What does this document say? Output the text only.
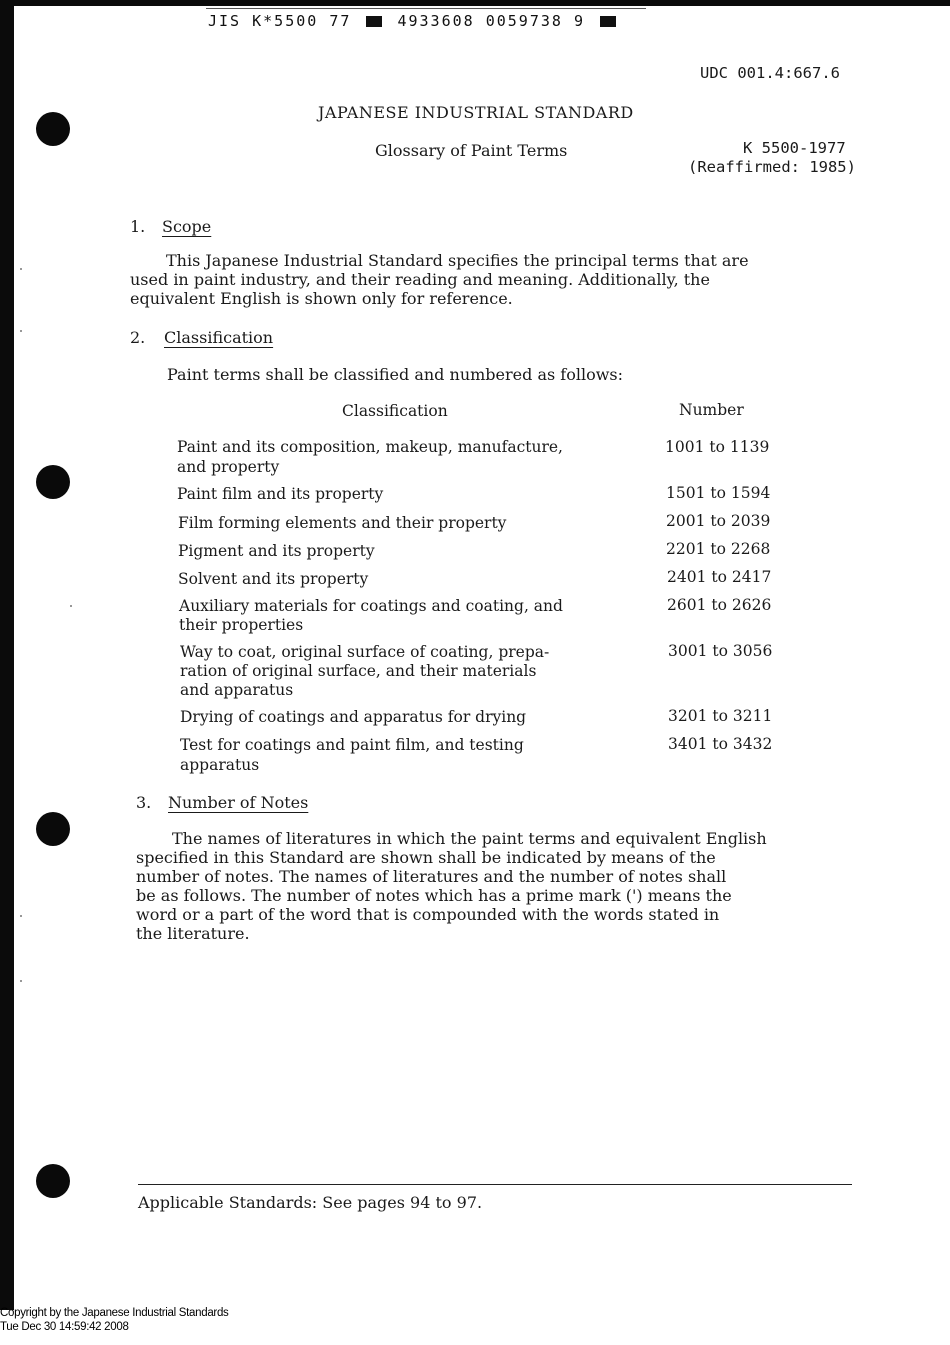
JIS K*5500 77	4933608 0059738 9
UDC 001.4:667.6
JAPANESE INDUSTRIAL STANDARD
Glossary of Paint Terms	K 5500-1977
(Reaffirmed: 1985)
1. Scope
This Japanese Industrial Standard specifies the principal terms that are
used in paint industry, and their reading and meaning. Additionally, the
equivalent English is shown only for reference.
2. Classification
Paint terms shall be classified and numbered as follows:
Classification	Number
Paint and its composition, makeup, manufacture,
and property
1001 to 1139
Paint film and its property	1501 to 1594
Film forming elements and their property	2001 to 2039
Pigment and its property	2201 to 2268
Solvent and its property	2401 to 2417
Auxiliary materials for coatings and coating, and
their properties
2601 to 2626
Way to coat, original surface of coating, prepa-
ration of original surface, and their materials
and apparatus
3001 to 3056
Drying of coatings and apparatus for drying	3201 to 3211
Test for coatings and paint film, and testing
apparatus
3401 to 3432
3. Number of Notes
The names of literatures in which the paint terms and equivalent English
specified in this Standard are shown shall be indicated by means of the
number of notes. The names of literatures and the number of notes shall
be as follows. The number of notes which has a prime mark (') means the
word or a part of the word that is compounded with the words stated in
the literature.
Applicable Standards: See pages 94 to 97.
Copyright by the Japanese Industrial Standards
Tue Dec 30 14:59:42 2008
